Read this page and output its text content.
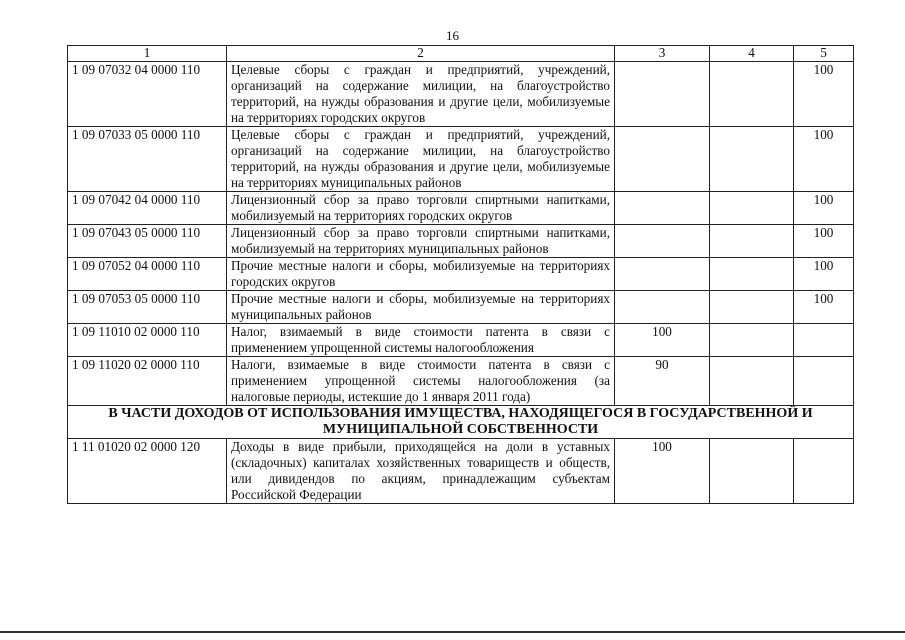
16
1	2	3	4	5
1 09 07032 04 0000 110	Целевые сборы с граждан и предприятий, учреждений, организаций на содержание милиции, на благоустройство территорий, на нужды образования и другие цели, мобилизуемые на территориях городских округов			100
1 09 07033 05 0000 110	Целевые сборы с граждан и предприятий, учреждений, организаций на содержание милиции, на благоустройство территорий, на нужды образования и другие цели, мобилизуемые на территориях муниципальных районов			100
1 09 07042 04 0000 110	Лицензионный сбор за право торговли спиртными напитками, мобилизуемый на территориях городских округов			100
1 09 07043 05 0000 110	Лицензионный сбор за право торговли спиртными напитками, мобилизуемый на территориях муниципальных районов			100
1 09 07052 04 0000 110	Прочие местные налоги и сборы, мобилизуемые на территориях городских округов			100
1 09 07053 05 0000 110	Прочие местные налоги и сборы, мобилизуемые на территориях муниципальных районов			100
1 09 11010 02 0000 110	Налог, взимаемый в виде стоимости патента в связи с применением упрощенной системы налогообложения	100		
1 09 11020 02 0000 110	Налоги, взимаемые в виде стоимости патента в связи с применением упрощенной системы налогообложения (за налоговые периоды, истекшие до 1 января 2011 года)	90		
В ЧАСТИ ДОХОДОВ ОТ ИСПОЛЬЗОВАНИЯ ИМУЩЕСТВА, НАХОДЯЩЕГОСЯ В ГОСУДАРСТВЕННОЙ И МУНИЦИПАЛЬНОЙ СОБСТВЕННОСТИ				
1 11 01020 02 0000 120	Доходы в виде прибыли, приходящейся на доли в уставных (складочных) капиталах хозяйственных товариществ и обществ, или дивидендов по акциям, принадлежащим субъектам Российской Федерации	100		
